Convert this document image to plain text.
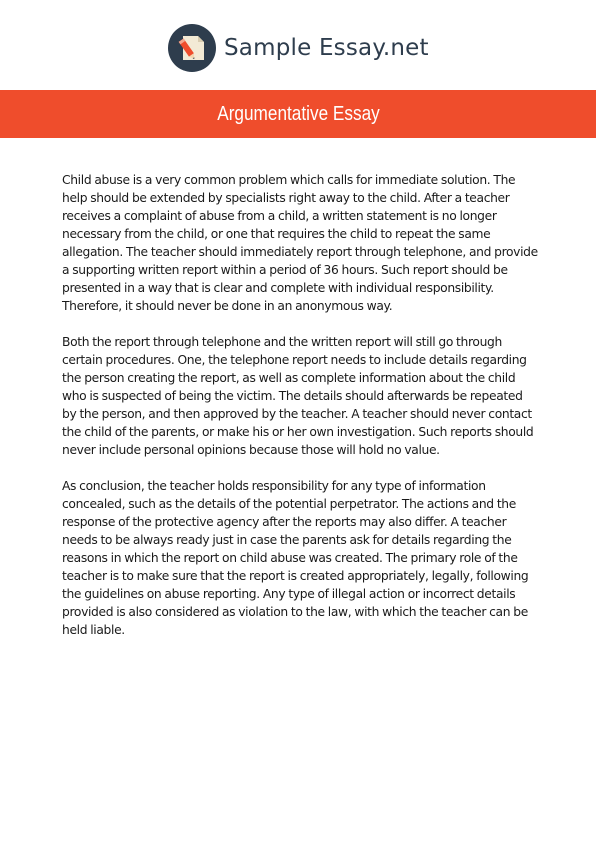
Sample Essay.net
Argumentative Essay

Child abuse is a very common problem which calls for immediate solution. The help should be extended by specialists right away to the child. After a teacher receives a complaint of abuse from a child, a written statement is no longer necessary from the child, or one that requires the child to repeat the same allegation. The teacher should immediately report through telephone, and provide a supporting written report within a period of 36 hours. Such report should be presented in a way that is clear and complete with individual responsibility. Therefore, it should never be done in an anonymous way.

Both the report through telephone and the written report will still go through certain procedures. One, the telephone report needs to include details regarding the person creating the report, as well as complete information about the child who is suspected of being the victim. The details should afterwards be repeated by the person, and then approved by the teacher. A teacher should never contact the child of the parents, or make his or her own investigation. Such reports should never include personal opinions because those will hold no value.

As conclusion, the teacher holds responsibility for any type of information concealed, such as the details of the potential perpetrator. The actions and the response of the protective agency after the reports may also differ. A teacher needs to be always ready just in case the parents ask for details regarding the reasons in which the report on child abuse was created. The primary role of the teacher is to make sure that the report is created appropriately, legally, following the guidelines on abuse reporting. Any type of illegal action or incorrect details provided is also considered as violation to the law, with which the teacher can be held liable.
